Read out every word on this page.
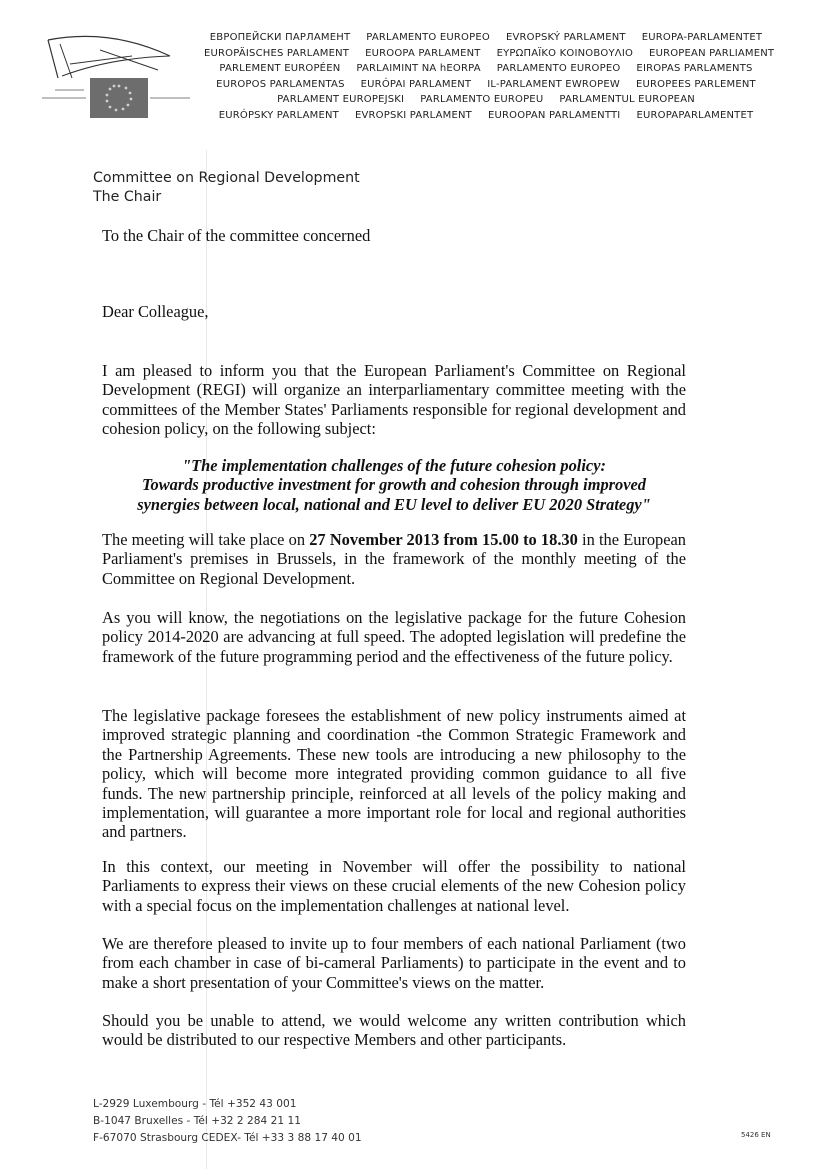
ЕВРОПЕЙСКИ ПАРЛАМЕНТ PARLAMENTO EUROPEO EVROPSKÝ PARLAMENT EUROPA-PARLAMENTET
EUROPÄISCHES PARLAMENT EUROOPA PARLAMENT ΕΥΡΩΠΑΪΚΟ ΚΟΙΝΟΒΟΥΛΙΟ EUROPEAN PARLIAMENT
PARLEMENT EUROPÉEN PARLAIMINT NA hEORPA PARLAMENTO EUROPEO EIROPAS PARLAMENTS
EUROPOS PARLAMENTAS EURÓPAI PARLAMENT IL-PARLAMENT EWROPEW EUROPEES PARLEMENT
PARLAMENT EUROPEJSKI PARLAMENTO EUROPEU PARLAMENTUL EUROPEAN
EURÓPSKY PARLAMENT EVROPSKI PARLAMENT EUROOPAN PARLAMENTTI EUROPAPARLAMENTET
Committee on Regional Development
The Chair
To the Chair of the committee concerned
Dear Colleague,

I am pleased to inform you that the European Parliament's Committee on Regional Development (REGI) will organize an interparliamentary committee meeting with the committees of the Member States' Parliaments responsible for regional development and cohesion policy, on the following subject:

"The implementation challenges of the future cohesion policy:
Towards productive investment for growth and cohesion through improved
synergies between local, national and EU level to deliver EU 2020 Strategy"

The meeting will take place on 27 November 2013 from 15.00 to 18.30 in the European Parliament's premises in Brussels, in the framework of the monthly meeting of the Committee on Regional Development.

As you will know, the negotiations on the legislative package for the future Cohesion policy 2014-2020 are advancing at full speed. The adopted legislation will predefine the framework of the future programming period and the effectiveness of the future policy.

The legislative package foresees the establishment of new policy instruments aimed at improved strategic planning and coordination -the Common Strategic Framework and the Partnership Agreements. These new tools are introducing a new philosophy to the policy, which will become more integrated providing common guidance to all five funds. The new partnership principle, reinforced at all levels of the policy making and implementation, will guarantee a more important role for local and regional authorities and partners.

In this context, our meeting in November will offer the possibility to national Parliaments to express their views on these crucial elements of the new Cohesion policy with a special focus on the implementation challenges at national level.

We are therefore pleased to invite up to four members of each national Parliament (two from each chamber in case of bi-cameral Parliaments) to participate in the event and to make a short presentation of your Committee's views on the matter.

Should you be unable to attend, we would welcome any written contribution which would be distributed to our respective Members and other participants.

L-2929 Luxembourg - Tél +352 43 001
B-1047 Bruxelles - Tél +32 2 284 21 11
F-67070 Strasbourg CEDEX- Tél +33 3 88 17 40 01	5426 EN
